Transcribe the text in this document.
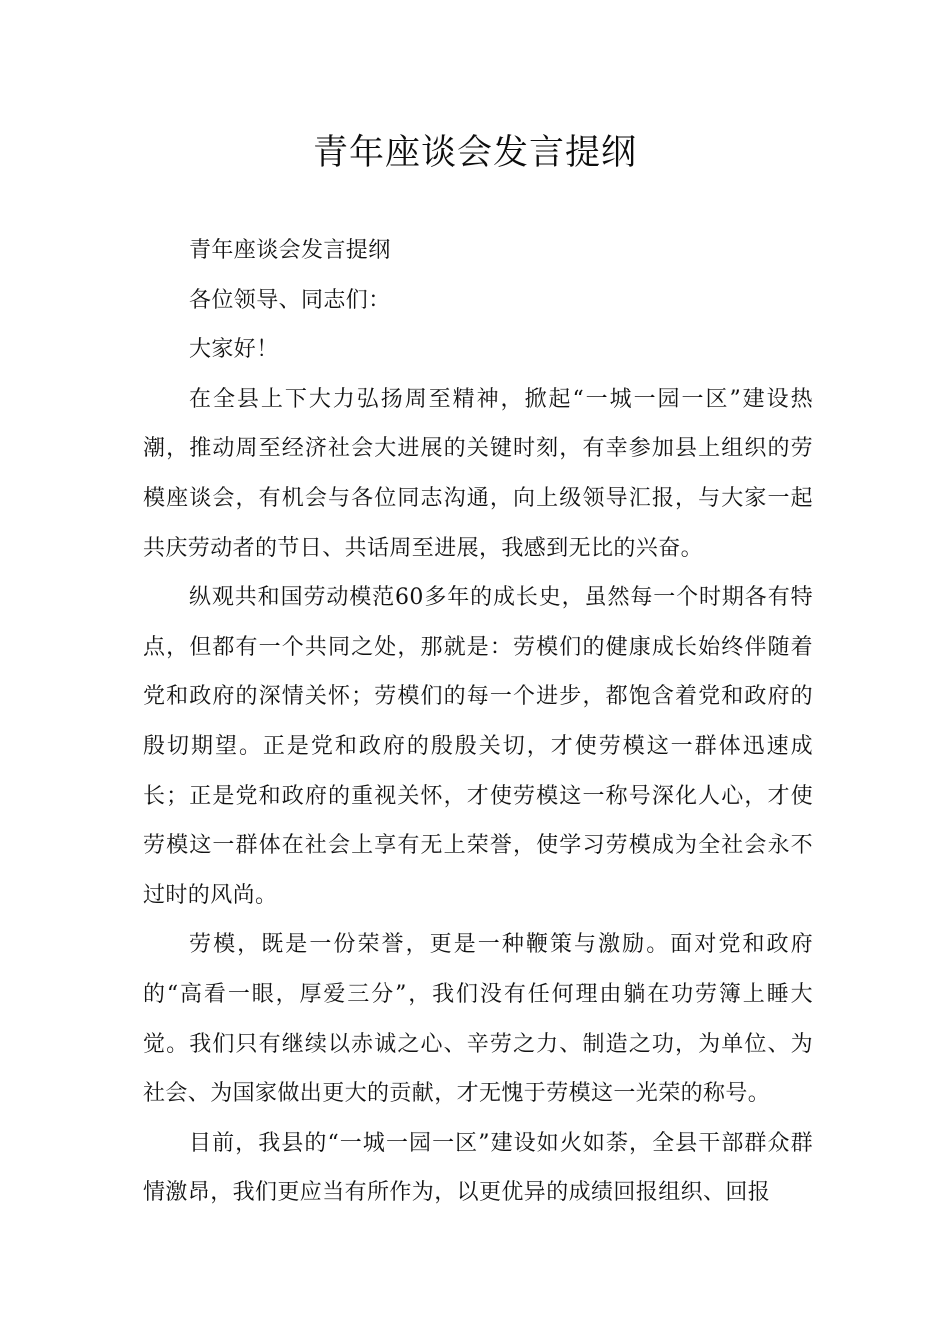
青年座谈会发言提纲

青年座谈会发言提纲

各位领导、同志们：

大家好！

在全县上下大力弘扬周至精神，掀起“一城一园一区”建设热潮，推动周至经济社会大进展的关键时刻，有幸参加县上组织的劳模座谈会，有机会与各位同志沟通，向上级领导汇报，与大家一起共庆劳动者的节日、共话周至进展，我感到无比的兴奋。

纵观共和国劳动模范60多年的成长史，虽然每一个时期各有特点，但都有一个共同之处，那就是：劳模们的健康成长始终伴随着党和政府的深情关怀；劳模们的每一个进步，都饱含着党和政府的殷切期望。正是党和政府的殷殷关切，才使劳模这一群体迅速成长；正是党和政府的重视关怀，才使劳模这一称号深化人心，才使劳模这一群体在社会上享有无上荣誉，使学习劳模成为全社会永不过时的风尚。

劳模，既是一份荣誉，更是一种鞭策与激励。面对党和政府的“高看一眼，厚爱三分”，我们没有任何理由躺在功劳簿上睡大觉。我们只有继续以赤诚之心、辛劳之力、制造之功，为单位、为社会、为国家做出更大的贡献，才无愧于劳模这一光荣的称号。

目前，我县的“一城一园一区”建设如火如荼，全县干部群众群情激昂，我们更应当有所作为，以更优异的成绩回报组织、回报
